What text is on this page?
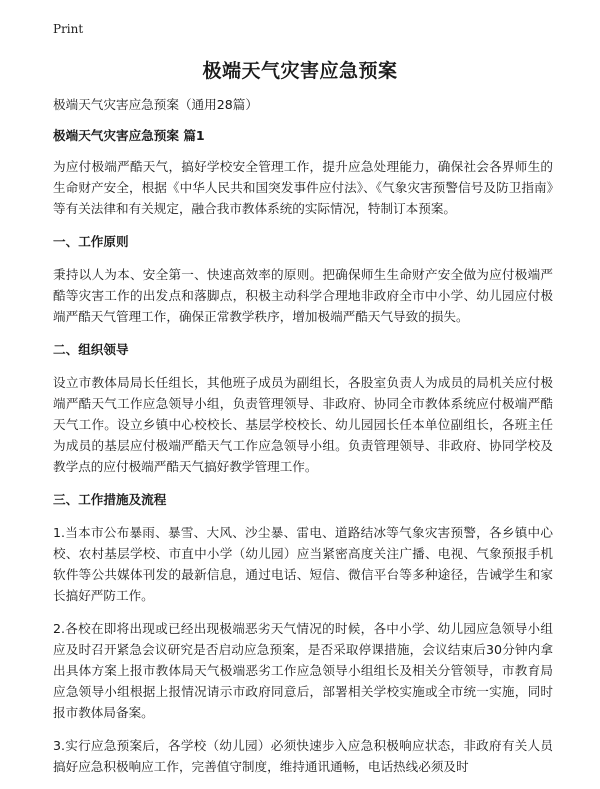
Print
极端天气灾害应急预案

极端天气灾害应急预案（通用28篇）

极端天气灾害应急预案 篇1

为应付极端严酷天气，搞好学校安全管理工作，提升应急处理能力，确保社会各界师生的生命财产安全，根据《中华人民共和国突发事件应付法》、《气象灾害预警信号及防卫指南》等有关法律和有关规定，融合我市教体系统的实际情况，特制订本预案。

一、工作原则

秉持以人为本、安全第一、快速高效率的原则。把确保师生生命财产安全做为应付极端严酷等灾害工作的出发点和落脚点，积极主动科学合理地非政府全市中小学、幼儿园应付极端严酷天气管理工作，确保正常教学秩序，增加极端严酷天气导致的损失。

二、组织领导

设立市教体局局长任组长，其他班子成员为副组长，各股室负责人为成员的局机关应付极端严酷天气工作应急领导小组，负责管理领导、非政府、协同全市教体系统应付极端严酷天气工作。设立乡镇中心校校长、基层学校校长、幼儿园园长任本单位副组长，各班主任为成员的基层应付极端严酷天气工作应急领导小组。负责管理领导、非政府、协同学校及教学点的应付极端严酷天气搞好教学管理工作。

三、工作措施及流程

1.当本市公布暴雨、暴雪、大风、沙尘暴、雷电、道路结冰等气象灾害预警，各乡镇中心校、农村基层学校、市直中小学（幼儿园）应当紧密高度关注广播、电视、气象预报手机软件等公共媒体刊发的最新信息，通过电话、短信、微信平台等多种途径，告诫学生和家长搞好严防工作。

2.各校在即将出现或已经出现极端恶劣天气情况的时候，各中小学、幼儿园应急领导小组应及时召开紧急会议研究是否启动应急预案，是否采取停课措施，会议结束后30分钟内拿出具体方案上报市教体局天气极端恶劣工作应急领导小组组长及相关分管领导，市教育局应急领导小组根据上报情况请示市政府同意后，部署相关学校实施或全市统一实施，同时报市教体局备案。

3.实行应急预案后，各学校（幼儿园）必须快速步入应急积极响应状态，非政府有关人员搞好应急积极响应工作，完善值守制度，维持通讯通畅，电话热线必须及时
